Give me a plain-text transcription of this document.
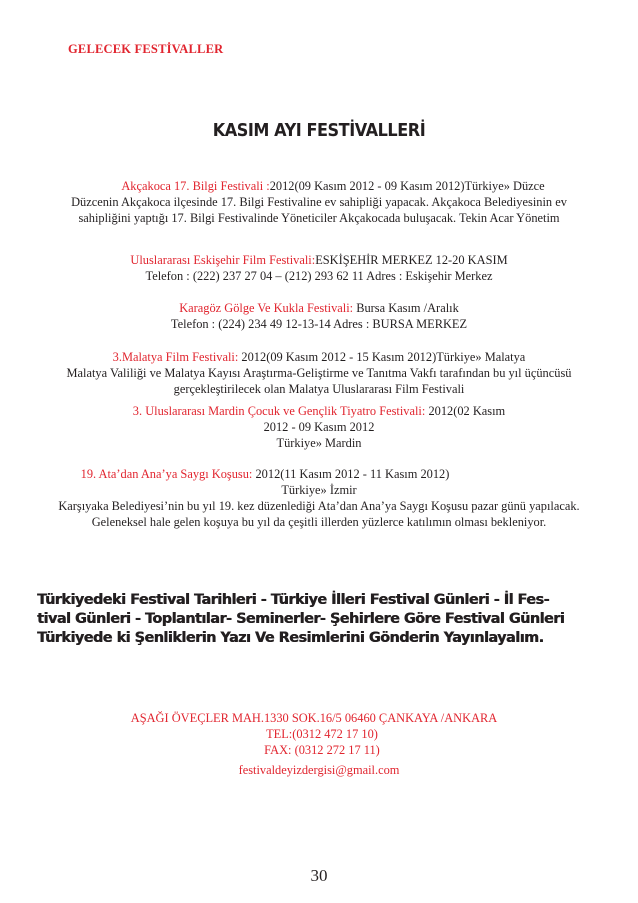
GELECEK FESTİVALLER
KASIM AYI FESTİVALLERİ
Akçakoca 17. Bilgi Festivali :2012(09 Kasım 2012 - 09 Kasım 2012)Türkiye» Düzce
Düzcenin Akçakoca ilçesinde 17. Bilgi Festivaline ev sahipliği yapacak. Akçakoca Belediyesinin ev
sahipliğini yaptığı 17. Bilgi Festivalinde Yöneticiler Akçakocada buluşacak. Tekin Acar Yönetim
Uluslararası Eskişehir Film Festivali:ESKİŞEHİR MERKEZ 12-20 KASIM
Telefon : (222) 237 27 04 – (212) 293 62 11 Adres : Eskişehir Merkez
Karagöz Gölge Ve Kukla Festivali: Bursa Kasım /Aralık
Telefon : (224) 234 49 12-13-14 Adres : BURSA MERKEZ
3.Malatya Film Festivali: 2012(09 Kasım 2012 - 15 Kasım 2012)Türkiye» Malatya
Malatya Valiliği ve Malatya Kayısı Araştırma-Geliştirme ve Tanıtma Vakfı tarafından bu yıl üçüncüsü
gerçekleştirilecek olan Malatya Uluslararası Film Festivali
3. Uluslararası Mardin Çocuk ve Gençlik Tiyatro Festivali: 2012(02 Kasım
2012 - 09 Kasım 2012
Türkiye» Mardin
19. Ata’dan Ana’ya Saygı Koşusu: 2012(11 Kasım 2012 - 11 Kasım 2012)
Türkiye» İzmir
Karşıyaka Belediyesi’nin bu yıl 19. kez düzenlediği Ata’dan Ana’ya Saygı Koşusu pazar günü yapılacak.
Geleneksel hale gelen koşuya bu yıl da çeşitli illerden yüzlerce katılımın olması bekleniyor.
Türkiyedeki Festival Tarihleri - Türkiye İlleri Festival Günleri - İl Fes-
tival Günleri - Toplantılar- Seminerler- Şehirlere Göre Festival Günleri
Türkiyede ki Şenliklerin Yazı Ve Resimlerini Gönderin Yayınlayalım.
AŞAĞI ÖVEÇLER MAH.1330 SOK.16/5 06460 ÇANKAYA /ANKARA
TEL:(0312 472 17 10)
FAX: (0312 272 17 11)
festivaldeyizdergisi@gmail.com
30
